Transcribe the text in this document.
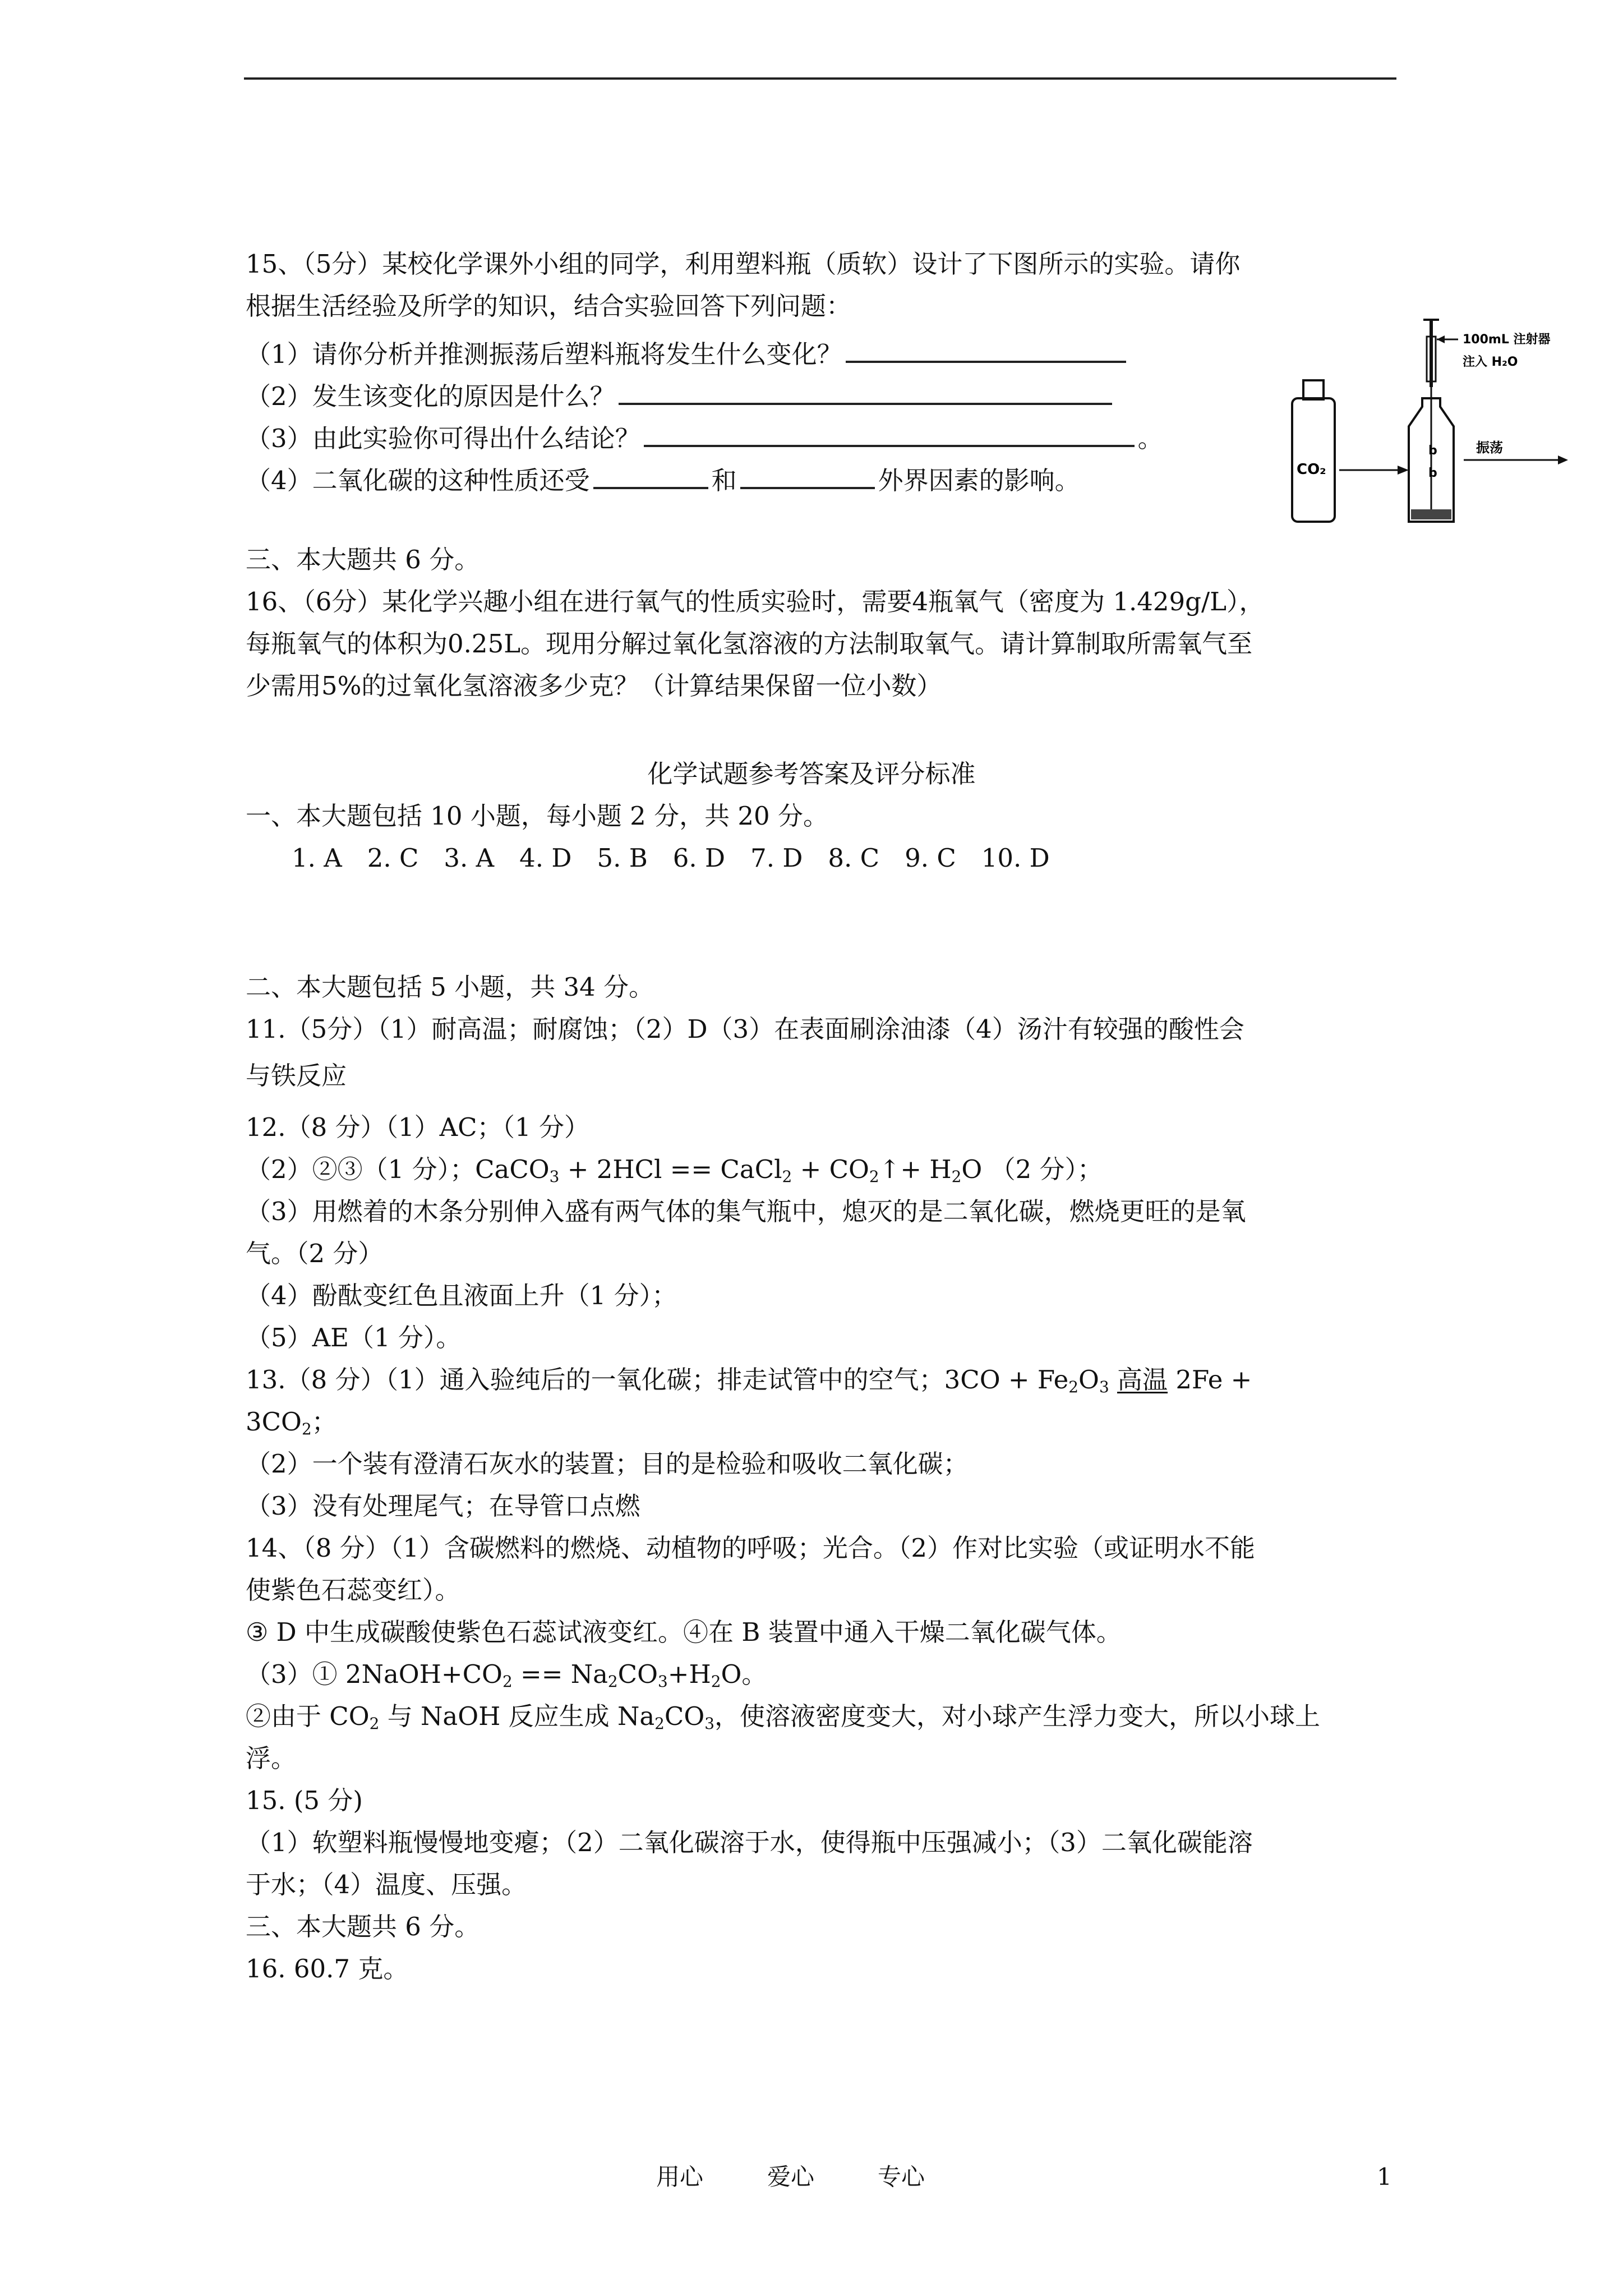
15、（5分）某校化学课外小组的同学，利用塑料瓶（质软）设计了下图所示的实验。请你
根据生活经验及所学的知识，结合实验回答下列问题：
（1）请你分析并推测振荡后塑料瓶将发生什么变化？
（2）发生该变化的原因是什么？
（3）由此实验你可得出什么结论？	。
（4）二氧化碳的这种性质还受	和	外界因素的影响。	CO₂
b
b
100mL 注射器
注入 H₂O
振荡
三、本大题共 6 分。
16、（6分）某化学兴趣小组在进行氧气的性质实验时，需要4瓶氧气（密度为 1.429g/L），
每瓶氧气的体积为0.25L。现用分解过氧化氢溶液的方法制取氧气。请计算制取所需氧气至
少需用5%的过氧化氢溶液多少克？（计算结果保留一位小数）
化学试题参考答案及评分标准
一、本大题包括 10 小题，每小题 2 分，共 20 分。
1. A　2. C　3. A　4. D　5. B　6. D　7. D　8. C　9. C　10. D
二、本大题包括 5 小题，共 34 分。
11.（5分）（1）耐高温；耐腐蚀；（2）D（3）在表面刷涂油漆（4）汤汁有较强的酸性会
与铁反应
12.（8 分）（1）AC；（1 分）
（2）②③（1 分）；CaCO$_3$ + 2HCl == CaCl$_2$ + $CO_2↑+ H_2O$ （2 分）；
（3）用燃着的木条分别伸入盛有两气体的集气瓶中，熄灭的是二氧化碳，燃烧更旺的是氧
气。（2 分）
（4）酚酞变红色且液面上升（1 分）；
（5）AE（1 分）。
13.（8 分）（1）通入验纯后的一氧化碳；排走试管中的空气；$3CO + Fe_2O_3$ 高温 2Fe +
$3CO_2$；
（2）一个装有澄清石灰水的装置；目的是检验和吸收二氧化碳；
（3）没有处理尾气；在导管口点燃
14、（8 分）（1）含碳燃料的燃烧、动植物的呼吸；光合。（2）作对比实验（或证明水不能
使紫色石蕊变红）。
③ D 中生成碳酸使紫色石蕊试液变红。④在 B 装置中通入干燥二氧化碳气体。
（3）① $2NaOH+CO_2 == Na_2CO_3+H_2O$。
②由于 $CO_2$ 与 NaOH 反应生成 $Na_2CO_3$，使溶液密度变大，对小球产生浮力变大，所以小球上
浮。
15. (5 分)
（1）软塑料瓶慢慢地变瘪；（2）二氧化碳溶于水，使得瓶中压强减小；（3）二氧化碳能溶
于水；（4）温度、压强。
三、本大题共 6 分。
16. 60.7 克。
用心	爱心	专心	1
